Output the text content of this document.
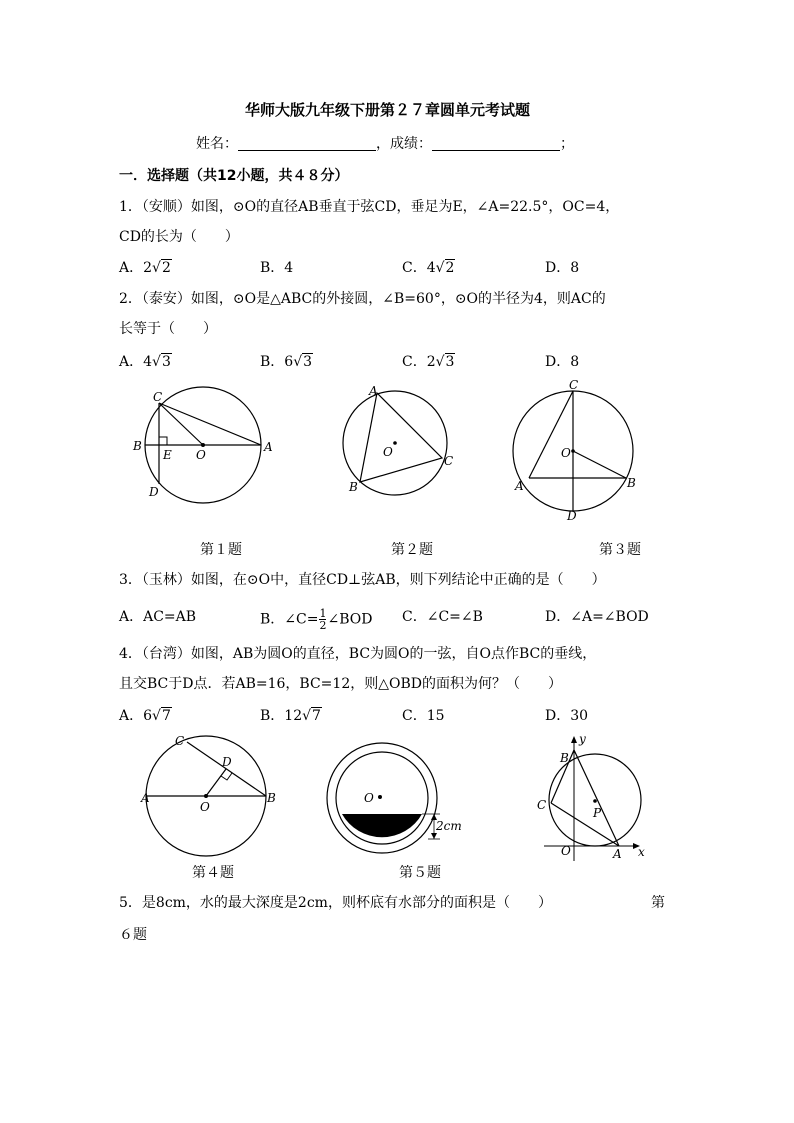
华师大版九年级下册第２７章圆单元考试题
姓名：	，成绩：	；
一．选择题（共12小题，共４８分）
1．（安顺）如图，⊙O的直径AB垂直于弦CD，垂足为E，∠A=22.5°，OC=4，
CD的长为（　　）
A．2√2	B．4	C．4√2	D．8
2．（泰安）如图，⊙O是△ABC的外接圆，∠B=60°，⊙O的半径为4，则AC的
长等于（　　）
A．4√3	B．6√3	C．2√3	D．8
C
B
E O
A
D
A
O
C
B
C
O
A	B
D
第１题	第２题	第３题
3．（玉林）如图，在⊙O中，直径CD⊥弦AB，则下列结论中正确的是（　　）
A．AC=AB	B．∠C= $\frac{1}{2}$ ∠BOD C．∠C=∠B	D．∠A=∠BOD
4．（台湾）如图，AB为圆O的直径，BC为圆O的一弦，自O点作BC的垂线，
且交BC于D点．若AB=16，BC=12，则△OBD的面积为何？（　　）
A．6√7	B．12√7	C．15	D．30
C
D
A
O
B	O
2cm
y
B
C
P
O	A x
第４题	第５题
5．是8cm，水的最大深度是2cm，则杯底有水部分的面积是（　　）	第
６题
